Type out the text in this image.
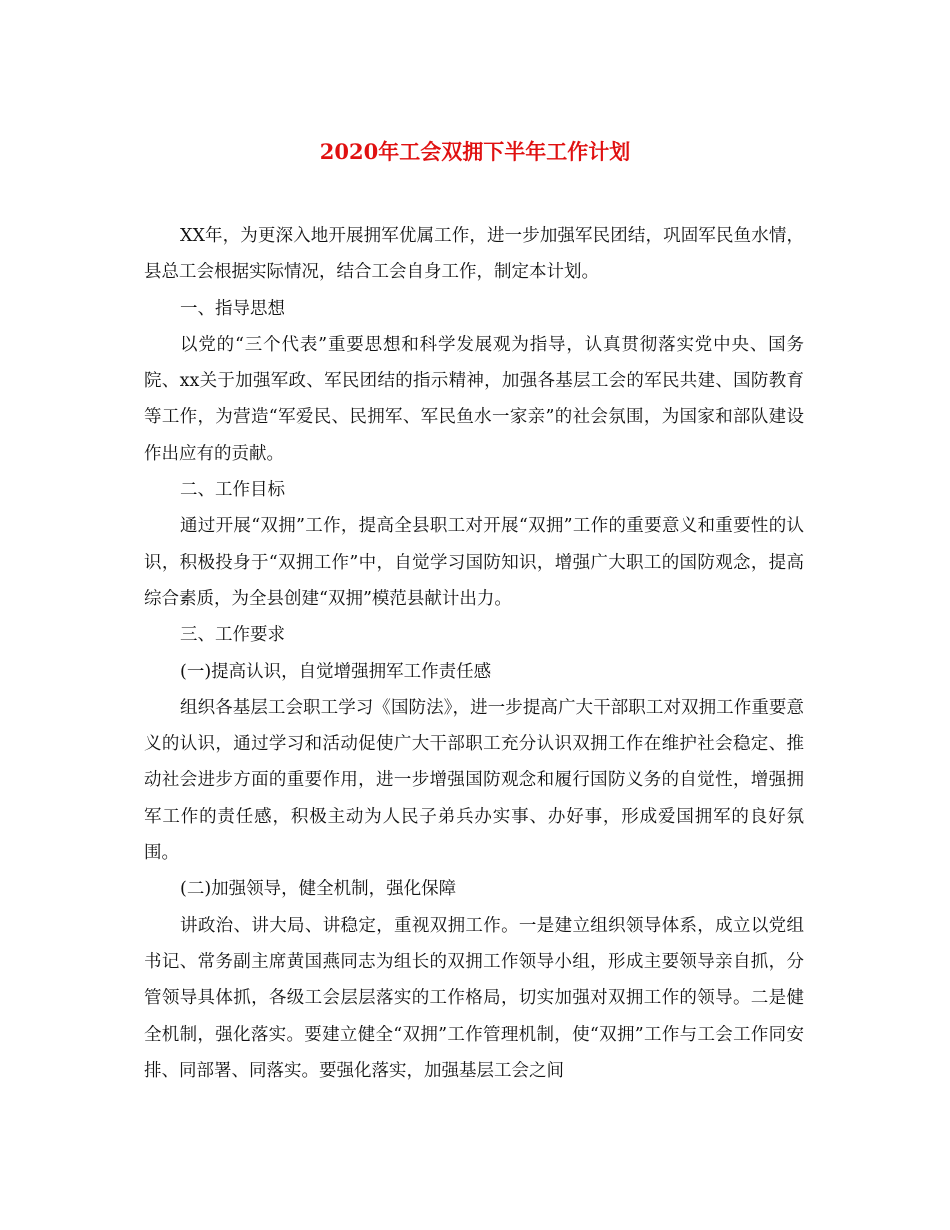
2020年工会双拥下半年工作计划

XX年，为更深入地开展拥军优属工作，进一步加强军民团结，巩固军民鱼水情，县总工会根据实际情况，结合工会自身工作，制定本计划。

一、指导思想

以党的“三个代表”重要思想和科学发展观为指导，认真贯彻落实党中央、国务院、xx关于加强军政、军民团结的指示精神，加强各基层工会的军民共建、国防教育等工作，为营造“军爱民、民拥军、军民鱼水一家亲”的社会氛围，为国家和部队建设作出应有的贡献。

二、工作目标

通过开展“双拥”工作，提高全县职工对开展“双拥”工作的重要意义和重要性的认识，积极投身于“双拥工作”中，自觉学习国防知识，增强广大职工的国防观念，提高综合素质，为全县创建“双拥”模范县献计出力。

三、工作要求

(一)提高认识，自觉增强拥军工作责任感

组织各基层工会职工学习《国防法》，进一步提高广大干部职工对双拥工作重要意义的认识，通过学习和活动促使广大干部职工充分认识双拥工作在维护社会稳定、推动社会进步方面的重要作用，进一步增强国防观念和履行国防义务的自觉性，增强拥军工作的责任感，积极主动为人民子弟兵办实事、办好事，形成爱国拥军的良好氛围。

(二)加强领导，健全机制，强化保障

讲政治、讲大局、讲稳定，重视双拥工作。一是建立组织领导体系，成立以党组书记、常务副主席黄国燕同志为组长的双拥工作领导小组，形成主要领导亲自抓，分管领导具体抓，各级工会层层落实的工作格局，切实加强对双拥工作的领导。二是健全机制，强化落实。要建立健全“双拥”工作管理机制，使“双拥”工作与工会工作同安排、同部署、同落实。要强化落实，加强基层工会之间
